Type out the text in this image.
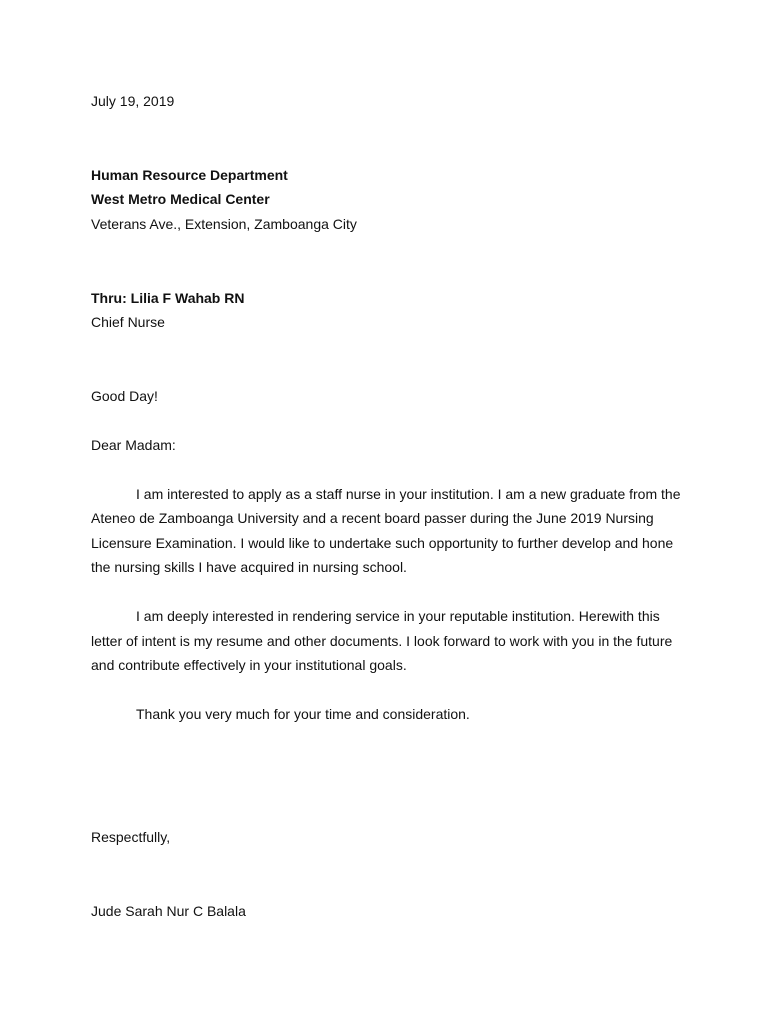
July 19, 2019
Human Resource Department
West Metro Medical Center
Veterans Ave., Extension, Zamboanga City
Thru: Lilia F Wahab RN
Chief Nurse
Good Day!
Dear Madam:
I am interested to apply as a staff nurse in your institution. I am a new graduate from the
Ateneo de Zamboanga University and a recent board passer during the June 2019 Nursing
Licensure Examination. I would like to undertake such opportunity to further develop and hone
the nursing skills I have acquired in nursing school.
I am deeply interested in rendering service in your reputable institution. Herewith this
letter of intent is my resume and other documents. I look forward to work with you in the future
and contribute effectively in your institutional goals.
Thank you very much for your time and consideration.
Respectfully,
Jude Sarah Nur C Balala
